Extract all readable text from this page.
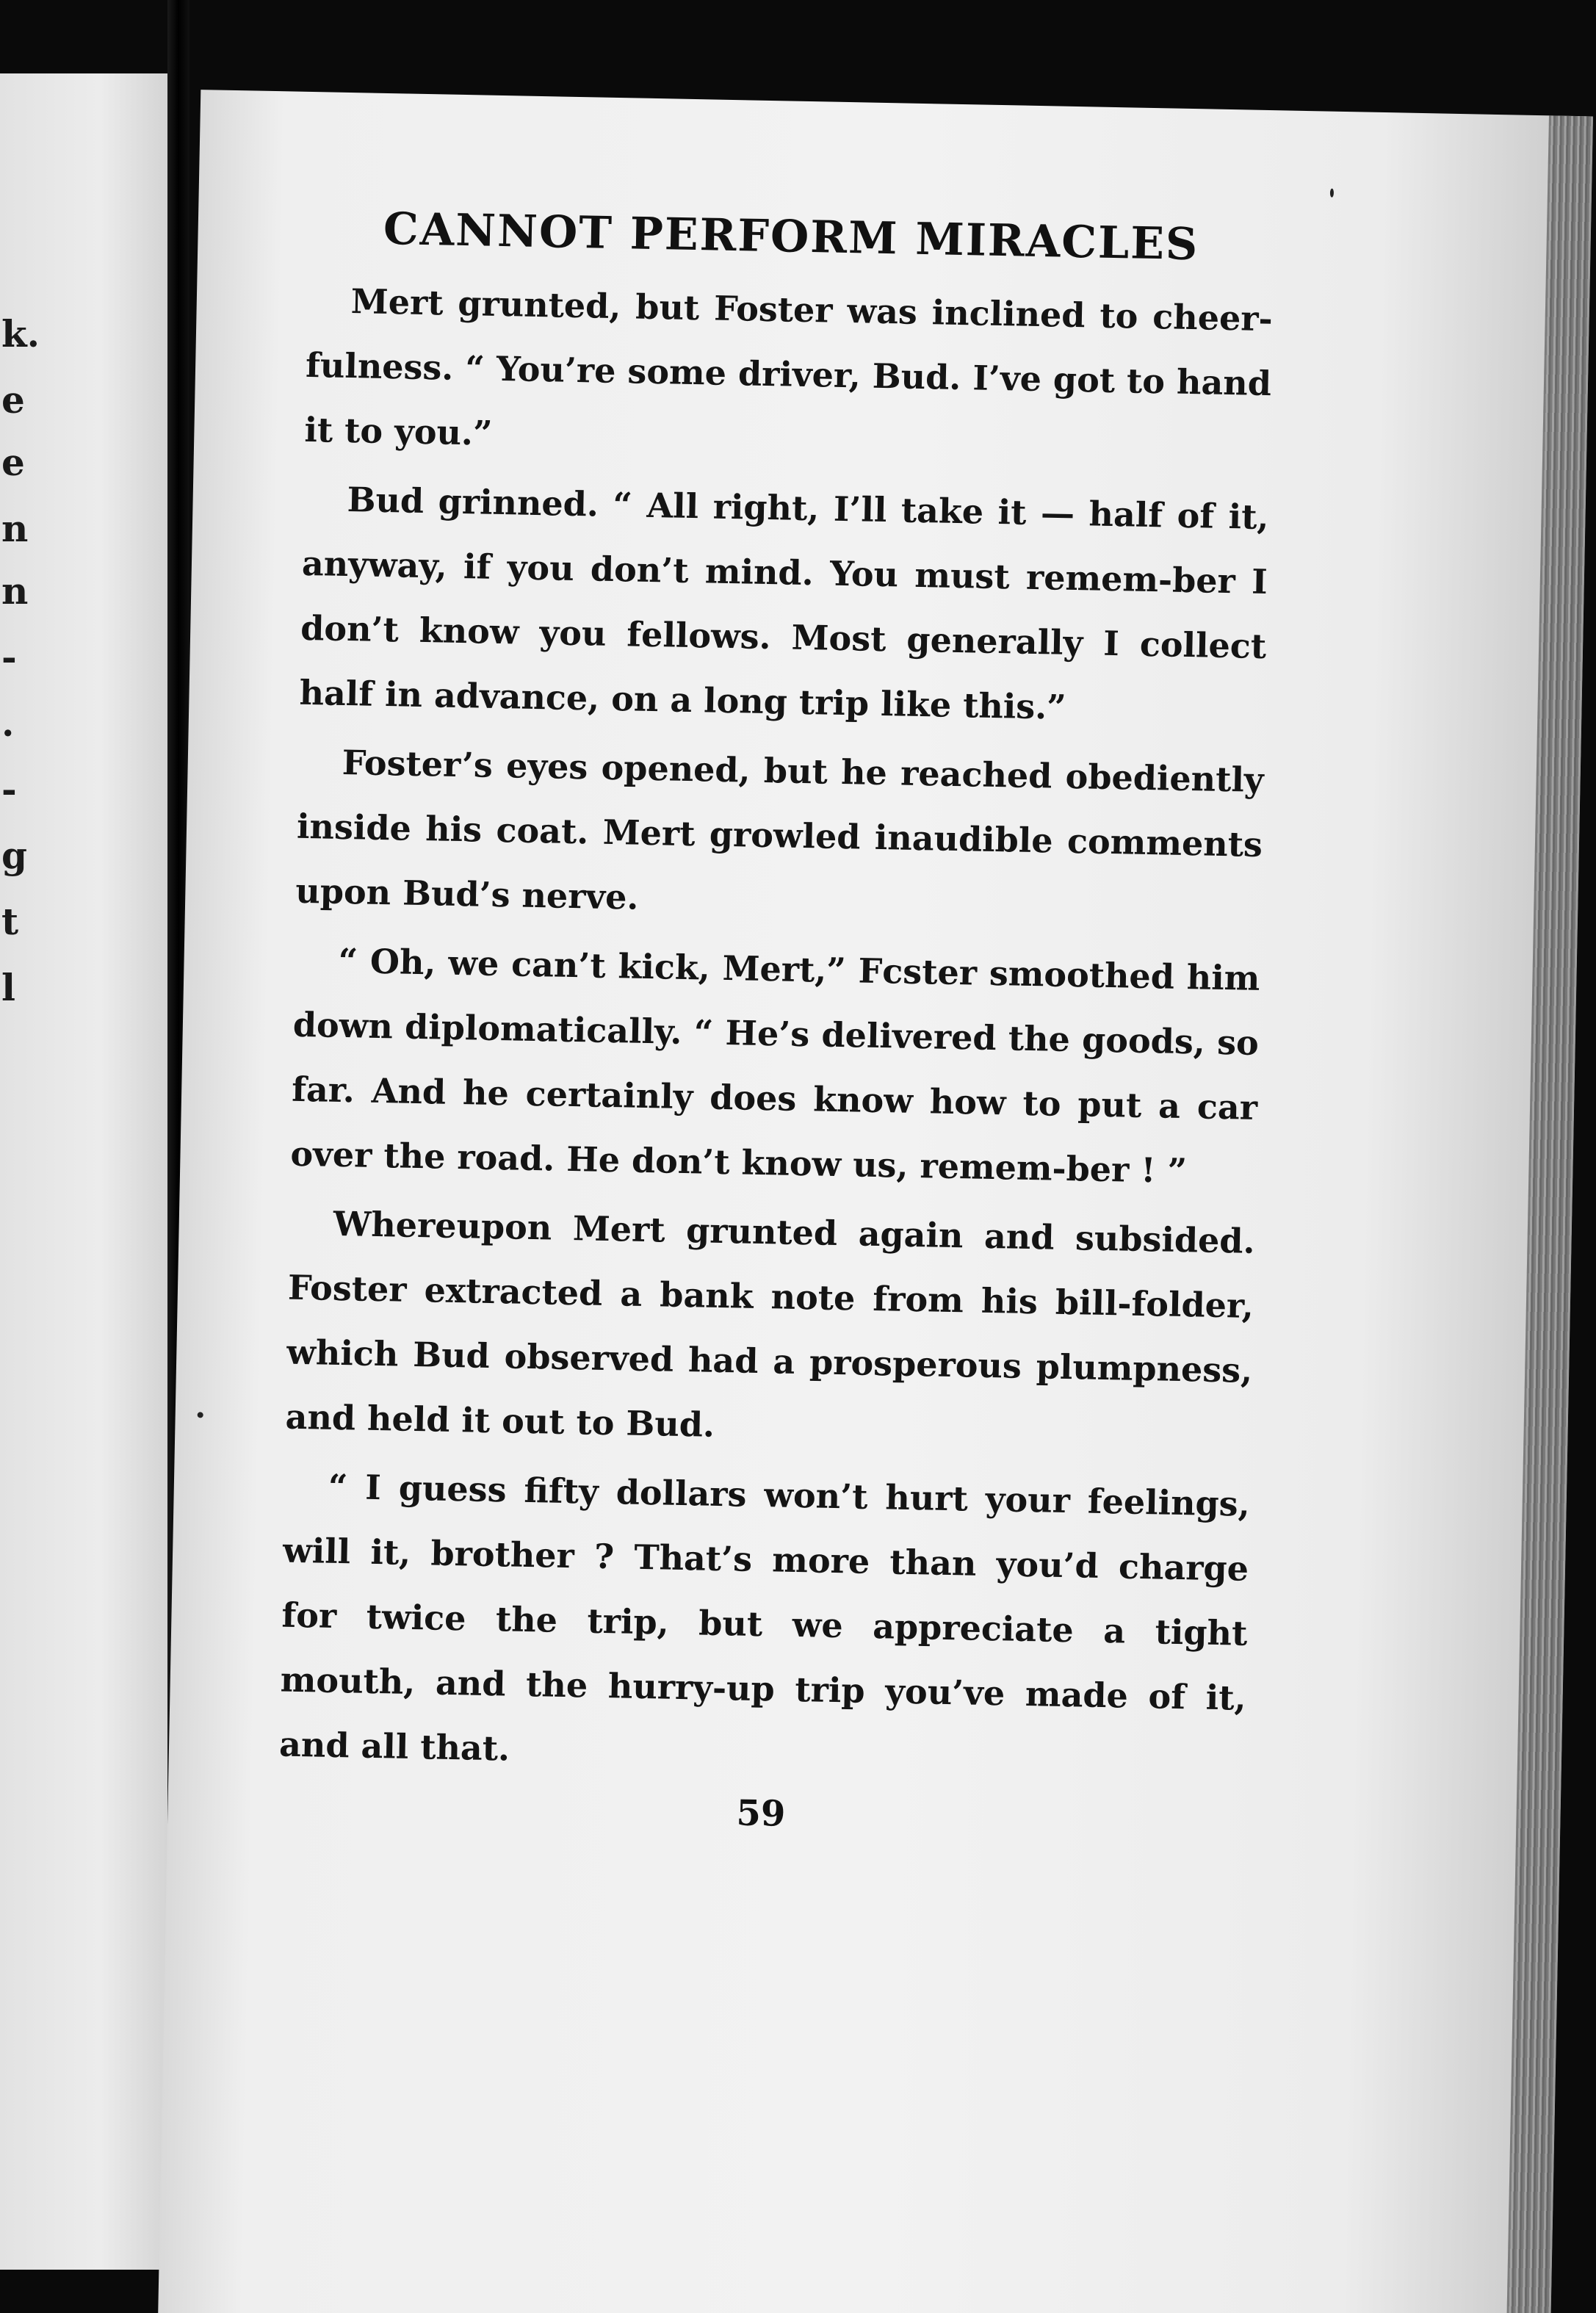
k.
e
e
n
n
-
.
-
g
t
l
CANNOT PERFORM MIRACLES

Mert grunted, but Foster was inclined to cheer-fulness. “ You’re some driver, Bud. I’ve got to hand it to you.”

Bud grinned. “ All right, I’ll take it — half of it, anyway, if you don’t mind. You must remem-ber I don’t know you fellows. Most generally I collect half in advance, on a long trip like this.”

Foster’s eyes opened, but he reached obediently inside his coat. Mert growled inaudible comments upon Bud’s nerve.

“ Oh, we can’t kick, Mert,” Fcster smoothed him down diplomatically. “ He’s delivered the goods, so far. And he certainly does know how to put a car over the road. He don’t know us, remem-ber ! ”

Whereupon Mert grunted again and subsided. Foster extracted a bank note from his bill-folder, which Bud observed had a prosperous plumpness, and held it out to Bud.

“ I guess fifty dollars won’t hurt your feelings, will it, brother ? That’s more than you’d charge for twice the trip, but we appreciate a tight mouth, and the hurry-up trip you’ve made of it, and all that.

59
